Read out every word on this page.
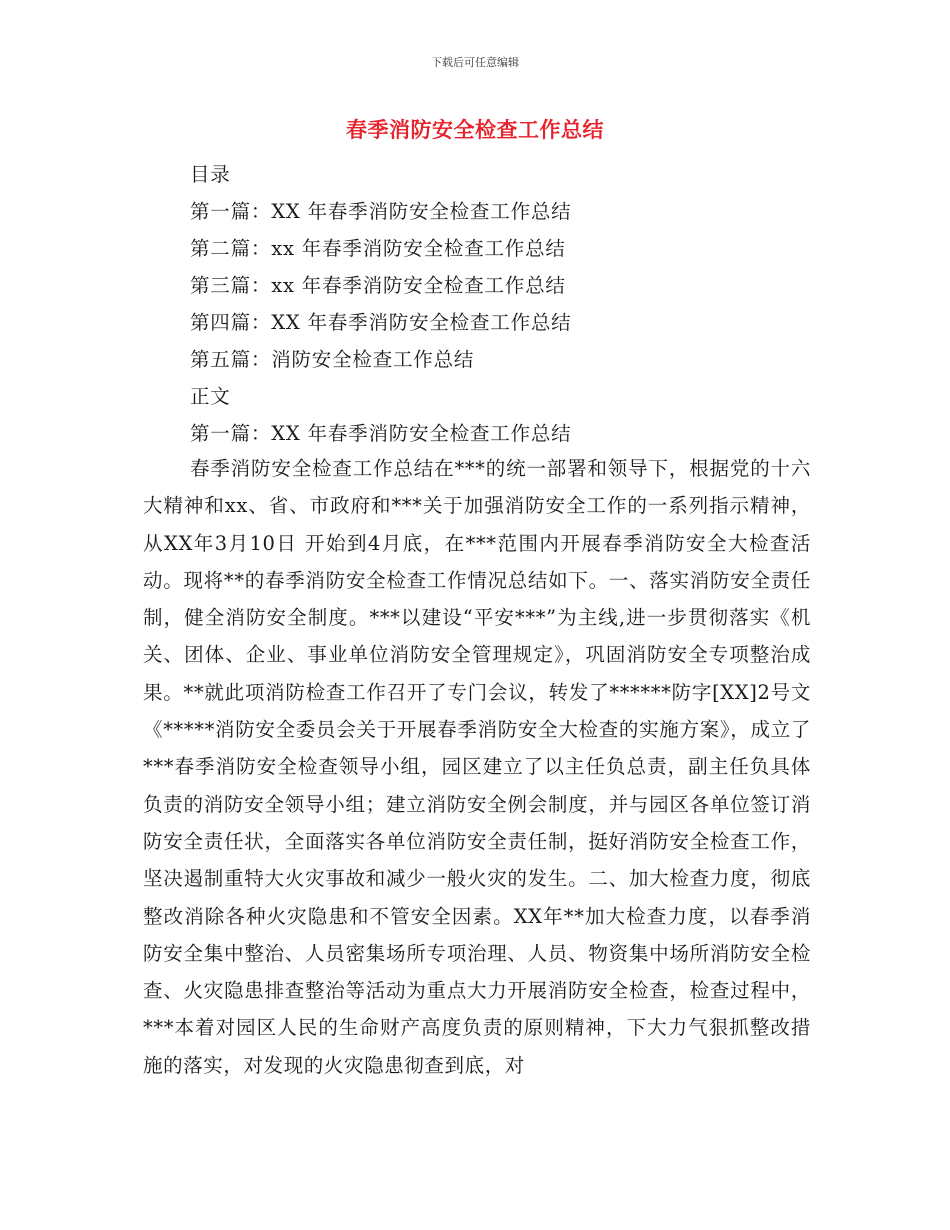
下载后可任意编辑
春季消防安全检查工作总结
目录
第一篇：XX 年春季消防安全检查工作总结
第二篇：xx 年春季消防安全检查工作总结
第三篇：xx 年春季消防安全检查工作总结
第四篇：XX 年春季消防安全检查工作总结
第五篇：消防安全检查工作总结
正文
第一篇：XX 年春季消防安全检查工作总结

春季消防安全检查工作总结在***的统一部署和领导下，根据党的十六大精神和xx、省、市政府和***关于加强消防安全工作的一系列指示精神，从XX年3月10日 开始到4月底，在***范围内开展春季消防安全大检查活动。现将**的春季消防安全检查工作情况总结如下。一、落实消防安全责任制，健全消防安全制度。***以建设“平安***”为主线,进一步贯彻落实《机关、团体、企业、事业单位消防安全管理规定》，巩固消防安全专项整治成果。**就此项消防检查工作召开了专门会议，转发了******防字[XX]2号文《*****消防安全委员会关于开展春季消防安全大检查的实施方案》，成立了***春季消防安全检查领导小组，园区建立了以主任负总责，副主任负具体负责的消防安全领导小组；建立消防安全例会制度，并与园区各单位签订消防安全责任状，全面落实各单位消防安全责任制，挺好消防安全检查工作，坚决遏制重特大火灾事故和减少一般火灾的发生。二、加大检查力度，彻底整改消除各种火灾隐患和不管安全因素。XX年**加大检查力度，以春季消防安全集中整治、人员密集场所专项治理、人员、物资集中场所消防安全检查、火灾隐患排查整治等活动为重点大力开展消防安全检查，检查过程中，***本着对园区人民的生命财产高度负责的原则精神，下大力气狠抓整改措施的落实，对发现的火灾隐患彻查到底，对
